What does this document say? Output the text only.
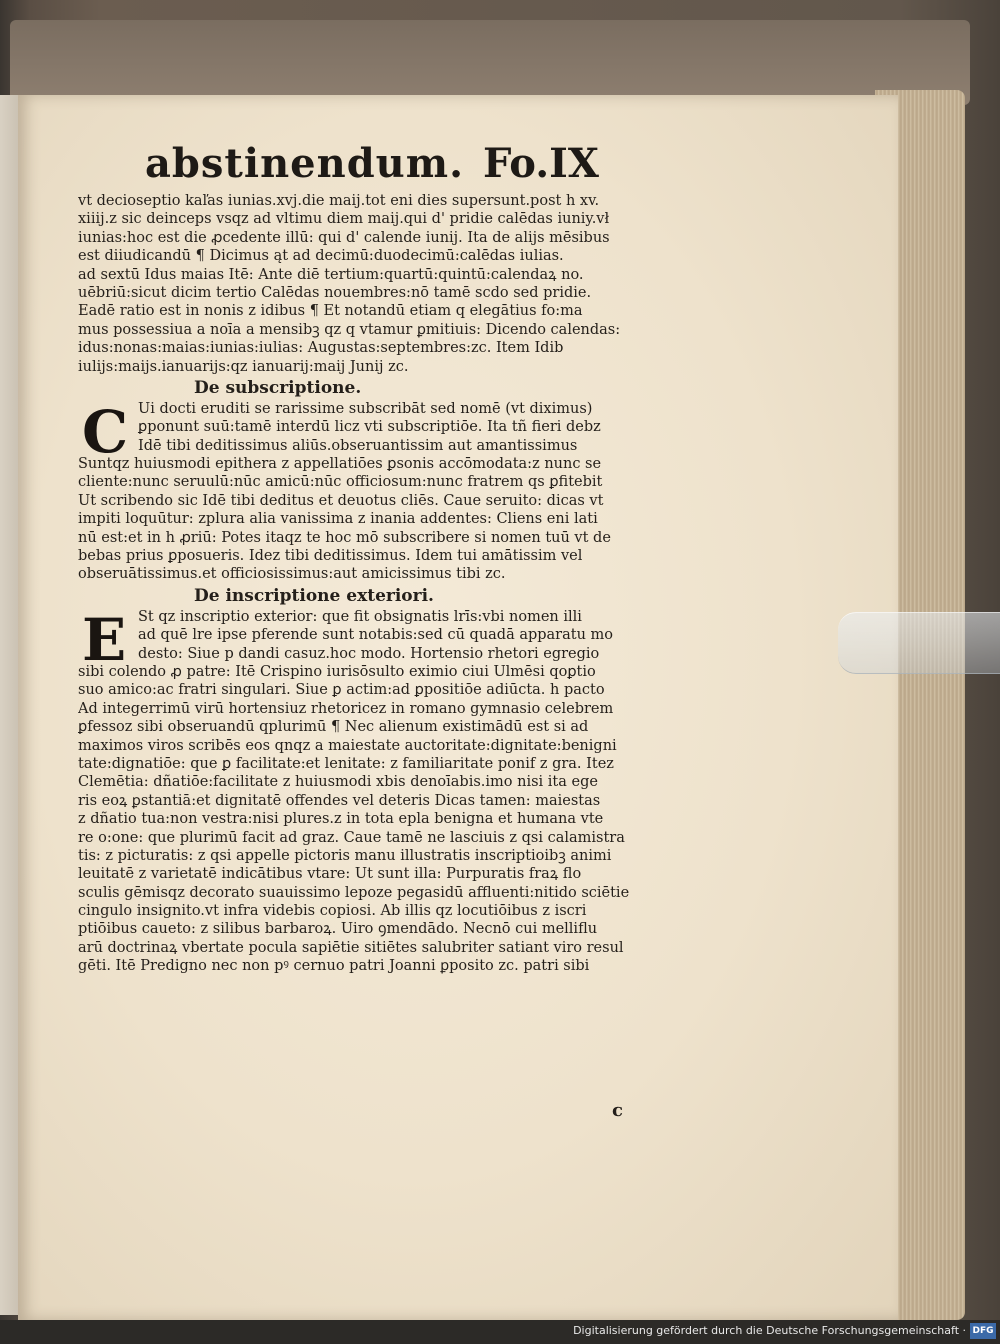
abstinendum. Fo.IX
vt decioseptio kaľas iunias.xvj.die maij.tot eni dies supersunt.post h xv.
xiiij.z sic deinceps vsqz ad vltimu diem maij.qui d' pridie calēdas iuniy.vł
iunias:hoc est die ꝓcedente illū: qui d' calende iunij. Ita de alijs mēsibus
est diiudicandū ¶ Dicimus ąt ad decimū:duodecimū:calēdas iulias.
ad sextū Idus maias Itē: Ante diē tertium:quartū:quintū:calendaꝝ no.
uēbriū:sicut dicim tertio Calēdas nouembres:nō tamē scdo sed pridie.
Eadē ratio est in nonis z idibus ¶ Et notandū etiam q elegātius fo:ma
mus possessiua a noīa a mensibꝫ qz q vtamur ꝑmitiuis: Dicendo calendas:
idus:nonas:maias:iunias:iulias: Augustas:septembres:zc. Item Idib
iulijs:maijs.ianuarijs:qz ianuarij:maij Junij zc.
De subscriptione.
C Ui docti eruditi se rarissime subscribāt sed nomē (vt diximus)
ꝑponunt suū:tamē interdū licz vti subscriptiōe. Ita tñ fieri debz
Idē tibi deditissimus aliūs.obseruantissim aut amantissimus
Suntqz huiusmodi epithera z appellatiōes ꝑsonis accōmodata:z nunc se
cliente:nunc seruulū:nūc amicū:nūc officiosum:nunc fratrem qs ꝑfitebit
Ut scribendo sic Idē tibi deditus et deuotus cliēs. Caue seruito: dicas vt
impiti loquūtur: zplura alia vanissima z inania addentes: Cliens eni lati
nū est:et in h ꝓriū: Potes itaqz te hoc mō subscribere si nomen tuū vt de
bebas prius ꝑposueris. Idez tibi deditissimus. Idem tui amātissim vel
obseruātissimus.et officiosissimus:aut amicissimus tibi zc.
De inscriptione exteriori.
E St qz inscriptio exterior: que fit obsignatis lrīs:vbi nomen illi
ad quē lre ipse pferende sunt notabis:sed cū quadā apparatu mo
desto: Siue p dandi casuz.hoc modo. Hortensio rhetori egregio
sibi colendo ꝓ patre: Itē Crispino iurisōsulto eximio ciui Ulmēsi qoꝑtio
suo amico:ac fratri singulari. Siue ꝑ actim:ad ꝑpositiōe adiūcta. h pacto
Ad integerrimū virū hortensiuz rhetoricez in romano gymnasio celebrem
ꝑfessoz sibi obseruandū qplurimū ¶ Nec alienum existimādū est si ad
maximos viros scribēs eos qnqz a maiestate auctoritate:dignitate:benigni
tate:dignatiōe: que ꝑ facilitate:et lenitate: z familiaritate ponif z gra. Itez
Clemētia: dñatiōe:facilitate z huiusmodi xbis denoīabis.imo nisi ita ege
ris eoꝝ ꝑstantiā:et dignitatē offendes vel deteris Dicas tamen: maiestas
z dñatio tua:non vestra:nisi plures.z in tota epla benigna et humana vte
re o:one: que plurimū facit ad graz. Caue tamē ne lasciuis z qsi calamistra
tis: z picturatis: z qsi appelle pictoris manu illustratis inscriptioibꝫ animi
leuitatē z varietatē indicātibus vtare: Ut sunt illa: Purpuratis fraꝝ flo
sculis gēmisqz decorato suauissimo lepoze pegasidū affluenti:nitido sciētie
cingulo insignito.vt infra videbis copiosi. Ab illis qz locutiōibus z iscri
ptiōibus caueto: z silibus barbaroꝝ. Uiro ꝯmendādo. Necnō cui melliflu
arū doctrinaꝝ vbertate pocula sapiētie sitiētes salubriter satiant viro resul
gēti. Itē Predigno nec non pꝰ cernuo patri Joanni ꝑposito zc. patri sibi
c
Digitalisierung gefördert durch die Deutsche Forschungsgemeinschaft · DFG
